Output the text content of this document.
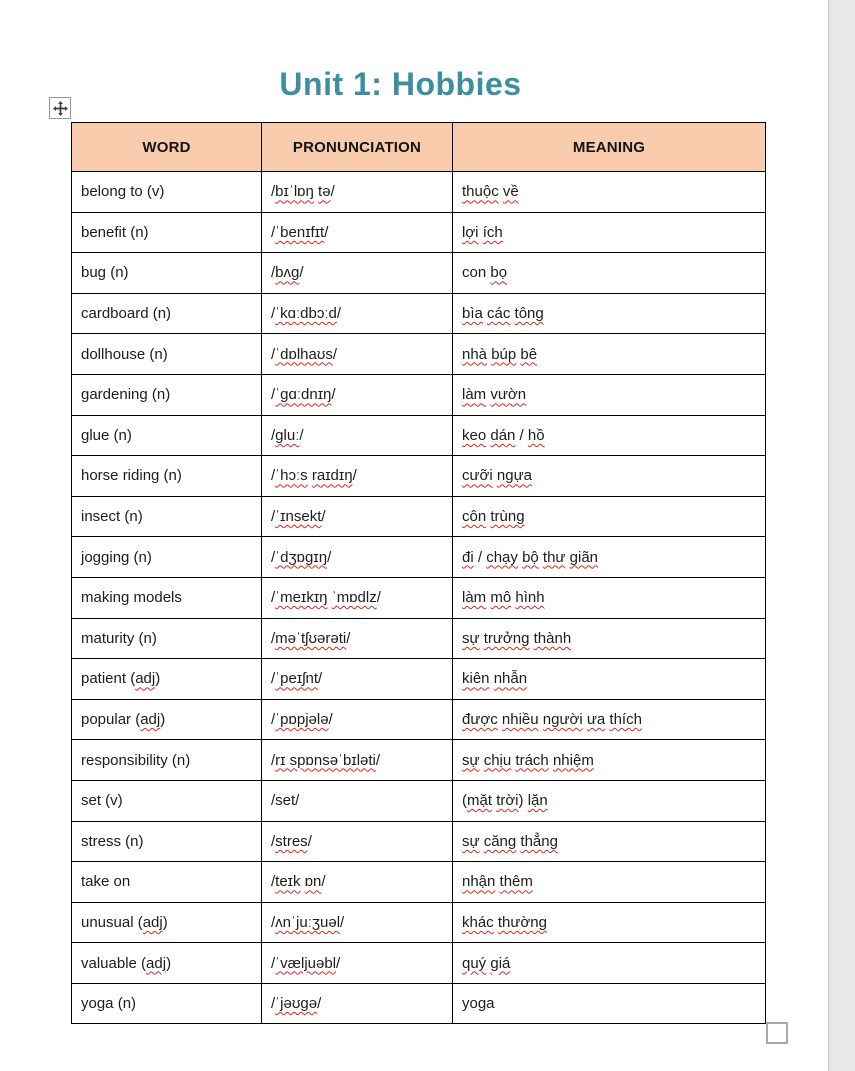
Unit 1: Hobbies
WORD	PRONUNCIATION	MEANING
belong to (v)	/bɪˈlɒŋ tə/	thuộc về
benefit (n)	/ˈbenɪfɪt/	lợi ích
bug (n)	/bʌɡ/	con bọ
cardboard (n)	/ˈkɑːdbɔːd/	bìa các tông
dollhouse (n)	/ˈdɒlhaʊs/	nhà búp bê
gardening (n)	/ˈɡɑːdnɪŋ/	làm vườn
glue (n)	/ɡluː/	keo dán / hồ
horse riding (n)	/ˈhɔːs raɪdɪŋ/	cưỡi ngựa
insect (n)	/ˈɪnsekt/	côn trùng
jogging (n)	/ˈdʒɒɡɪŋ/	đi / chạy bộ thư giãn
making models	/ˈmeɪkɪŋ ˈmɒdlz/	làm mô hình
maturity (n)	/məˈtʃʊərəti/	sự trưởng thành
patient (adj)	/ˈpeɪʃnt/	kiên nhẫn
popular (adj)	/ˈpɒpjələ/	được nhiều người ưa thích
responsibility (n)	/rɪ spɒnsəˈbɪləti/	sự chịu trách nhiệm
set (v)	/set/	(mặt trời) lặn
stress (n)	/stres/	sự căng thẳng
take on	/teɪk ɒn/	nhận thêm
unusual (adj)	/ʌnˈjuːʒuəl/	khác thường
valuable (adj)	/ˈvæljuəbl/	quý giá
yoga (n)	/ˈjəʊɡə/	yoga
